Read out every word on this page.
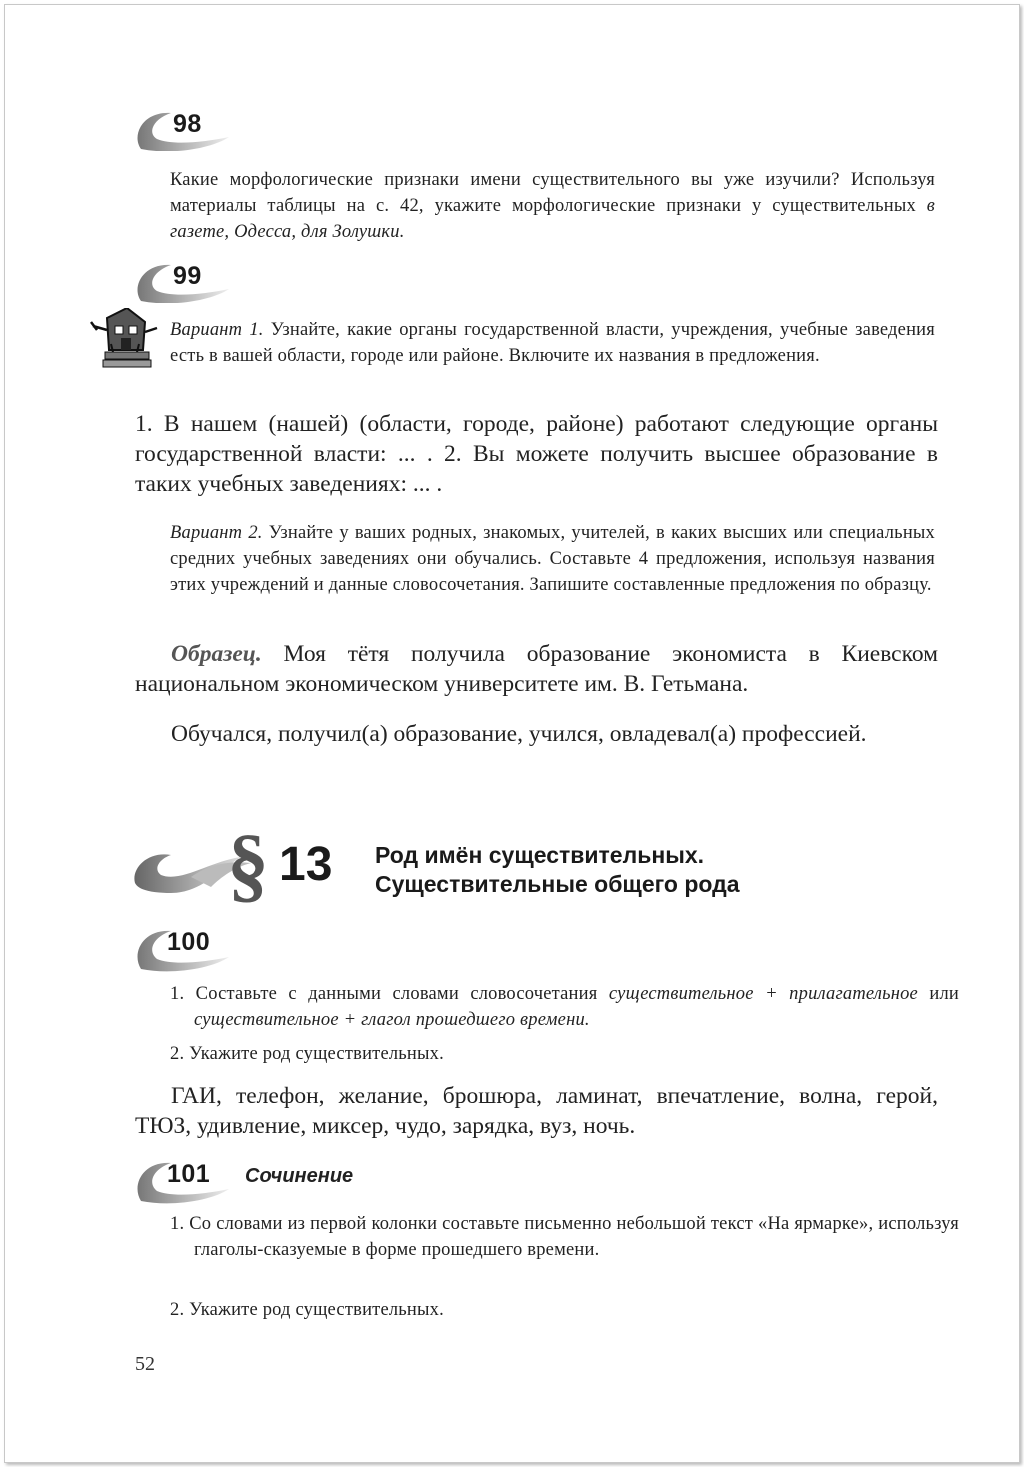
98
Какие морфологические признаки имени существительного вы уже изучили? Используя материалы таблицы на с. 42, укажите морфологические признаки у существительных в газете, Одесса, для Золушки.
99
Вариант 1. Узнайте, какие органы государственной власти, учреждения, учебные заведения есть в вашей области, городе или районе. Включите их названия в предложения.
1. В нашем (нашей) (области, городе, районе) работают следующие органы государственной власти: ... . 2. Вы можете получить высшее образование в таких учебных заведениях: ... .
Вариант 2. Узнайте у ваших родных, знакомых, учителей, в каких высших или специальных средних учебных заведениях они обучались. Составьте 4 предложения, используя названия этих учреждений и данные словосочетания. Запишите составленные предложения по образцу.
Образец. Моя тётя получила образование экономиста в Киевском национальном экономическом университете им. В. Гетьмана.
Обучался, получил(а) образование, учился, овладевал(а) профессией.
§ 13 Род имён существительных.
Существительные общего рода
100
1. Составьте с данными словами словосочетания существительное + прилагательное или существительное + глагол прошедшего времени.
2. Укажите род существительных.
ГАИ, телефон, желание, брошюра, ламинат, впечатление, волна, герой, ТЮЗ, удивление, миксер, чудо, зарядка, вуз, ночь.
101 Сочинение
1. Со словами из первой колонки составьте письменно небольшой текст «На ярмарке», используя глаголы-сказуемые в форме прошедшего времени.
2. Укажите род существительных.
52
